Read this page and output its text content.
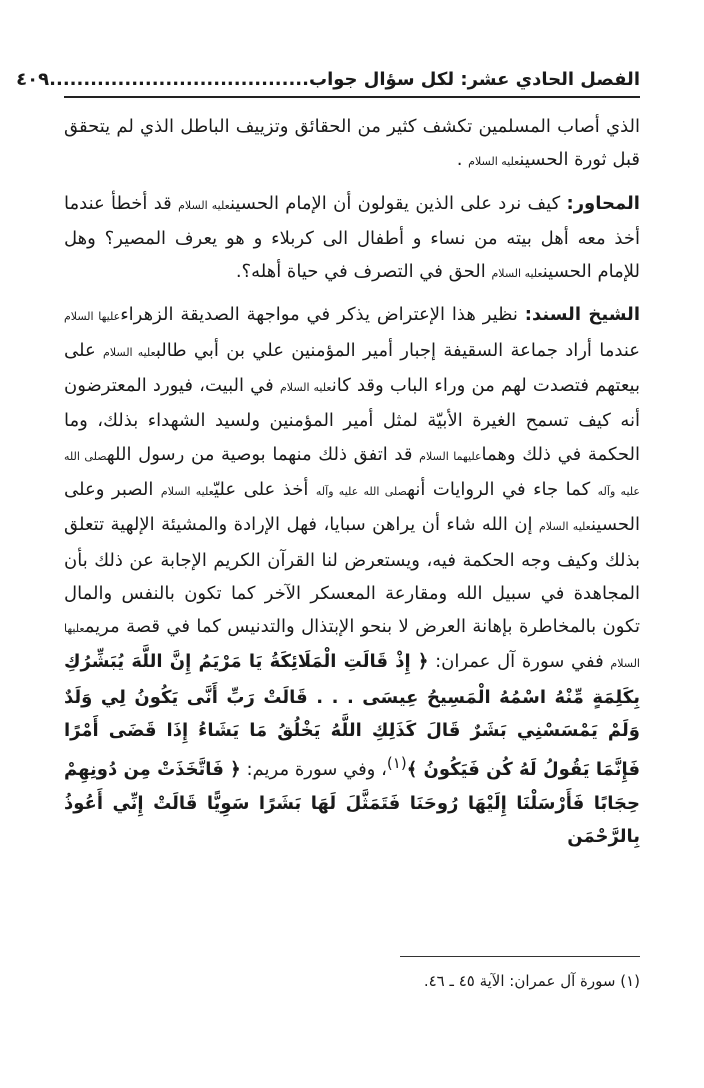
الفصل الحادي عشر: لكل سؤال جواب
......................................
٤٠٩

الذي أصاب المسلمين تكشف كثير من الحقائق وتزييف الباطل الذي لم يتحقق قبل ثورة الحسينعليه السلام .

المحاور: كيف نرد على الذين يقولون أن الإمام الحسينعليه السلام قد أخطأ عندما أخذ معه أهل بيته من نساء و أطفال الى كربلاء و هو يعرف المصير؟ وهل للإمام الحسينعليه السلام الحق في التصرف في حياة أهله؟.

الشيخ السند: نظير هذا الإعتراض يذكر في مواجهة الصديقة الزهراءعليها السلام عندما أراد جماعة السقيفة إجبار أمير المؤمنين علي بن أبي طالبعليه السلام على بيعتهم فتصدت لهم من وراء الباب وقد كانعليه السلام في البيت، فيورد المعترضون أنه كيف تسمح الغيرة الأبيّة لمثل أمير المؤمنين ولسيد الشهداء بذلك، وما الحكمة في ذلك وهماعليهما السلام قد اتفق ذلك منهما بوصية من رسول اللهصلى الله عليه وآله كما جاء في الروايات أنهصلى الله عليه وآله أخذ على عليّعليه السلام الصبر وعلى الحسينعليه السلام إن الله شاء أن يراهن سبايا، فهل الإرادة والمشيئة الإلهية تتعلق بذلك وكيف وجه الحكمة فيه، ويستعرض لنا القرآن الكريم الإجابة عن ذلك بأن المجاهدة في سبيل الله ومقارعة المعسكر الآخر كما تكون بالنفس والمال تكون بالمخاطرة بإهانة العرض لا بنحو الإبتذال والتدنيس كما في قصة مريمعليها السلام ففي سورة آل عمران: ﴿ إِذْ قَالَتِ الْمَلَائِكَةُ يَا مَرْيَمُ إِنَّ اللَّهَ يُبَشِّرُكِ بِكَلِمَةٍ مِّنْهُ اسْمُهُ الْمَسِيحُ عِيسَى . . . قَالَتْ رَبِّ أَنَّى يَكُونُ لِي وَلَدٌ وَلَمْ يَمْسَسْنِي بَشَرٌ قَالَ كَذَلِكِ اللَّهُ يَخْلُقُ مَا يَشَاءُ إِذَا قَضَى أَمْرًا فَإِنَّمَا يَقُولُ لَهُ كُن فَيَكُونُ ﴾$^{(١)}$، وفي سورة مريم: ﴿ فَاتَّخَذَتْ مِن دُونِهِمْ حِجَابًا فَأَرْسَلْنَا إِلَيْهَا رُوحَنَا فَتَمَثَّلَ لَهَا بَشَرًا سَوِيًّا قَالَتْ إِنِّي أَعُوذُ بِالرَّحْمَن

(١) سورة آل عمران: الآية ٤٥ ـ ٤٦.
